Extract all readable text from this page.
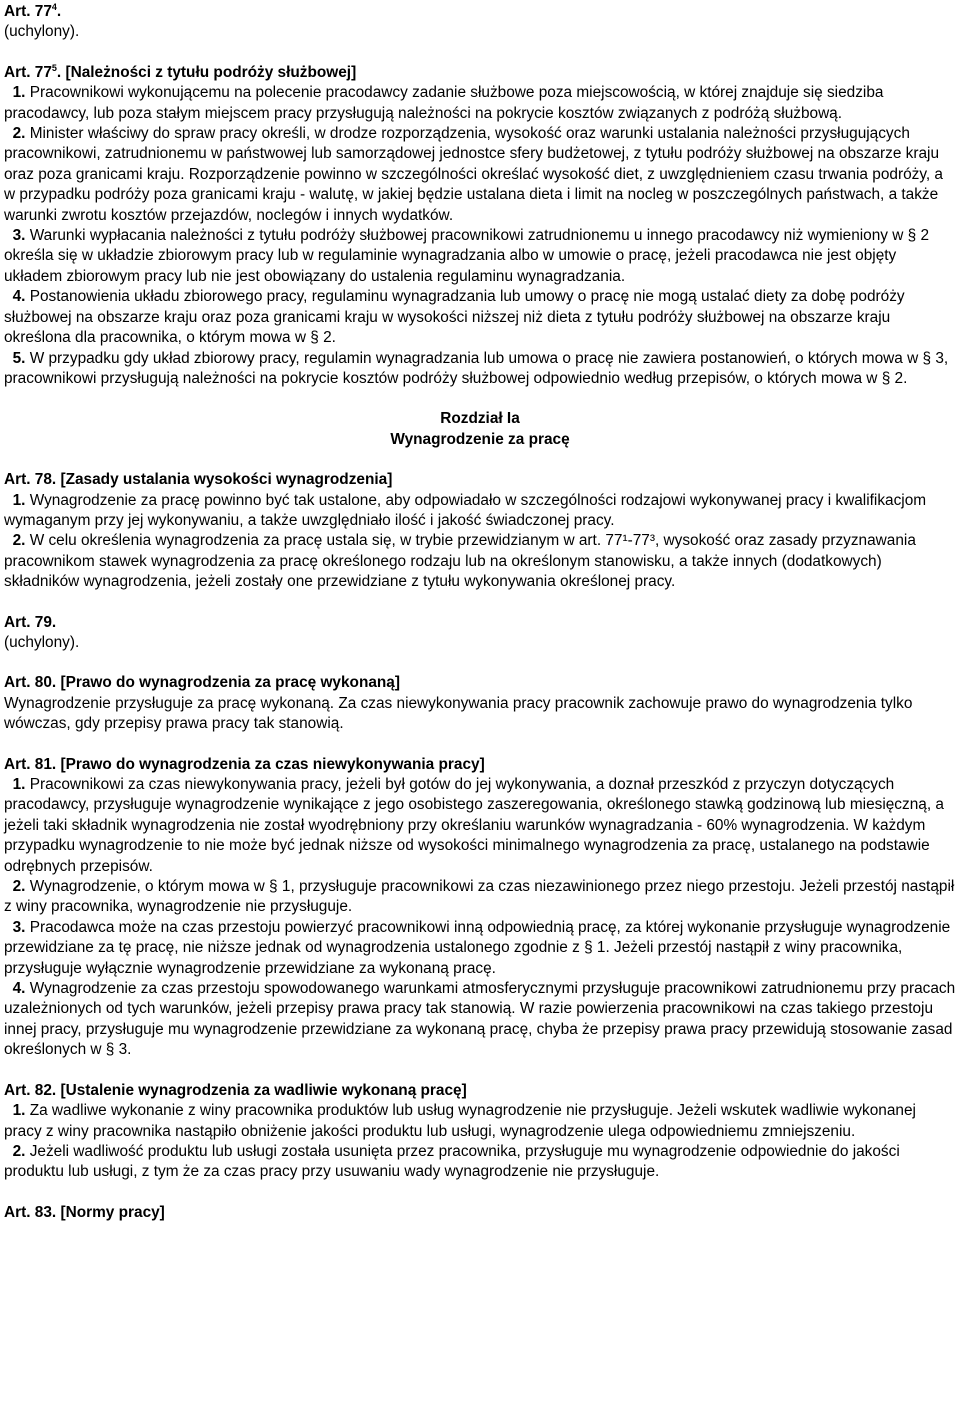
Art. $77^4$.
(uchylony).
Art. $77^5$. [Należności z tytułu podróży służbowej]
1. Pracownikowi wykonującemu na polecenie pracodawcy zadanie służbowe poza miejscowością, w której znajduje się siedziba pracodawcy, lub poza stałym miejscem pracy przysługują należności na pokrycie kosztów związanych z podróżą służbową.
2. Minister właściwy do spraw pracy określi, w drodze rozporządzenia, wysokość oraz warunki ustalania należności przysługujących pracownikowi, zatrudnionemu w państwowej lub samorządowej jednostce sfery budżetowej, z tytułu podróży służbowej na obszarze kraju oraz poza granicami kraju. Rozporządzenie powinno w szczególności określać wysokość diet, z uwzględnieniem czasu trwania podróży, a w przypadku podróży poza granicami kraju - walutę, w jakiej będzie ustalana dieta i limit na nocleg w poszczególnych państwach, a także warunki zwrotu kosztów przejazdów, noclegów i innych wydatków.
3. Warunki wypłacania należności z tytułu podróży służbowej pracownikowi zatrudnionemu u innego pracodawcy niż wymieniony w § 2 określa się w układzie zbiorowym pracy lub w regulaminie wynagradzania albo w umowie o pracę, jeżeli pracodawca nie jest objęty układem zbiorowym pracy lub nie jest obowiązany do ustalenia regulaminu wynagradzania.
4. Postanowienia układu zbiorowego pracy, regulaminu wynagradzania lub umowy o pracę nie mogą ustalać diety za dobę podróży służbowej na obszarze kraju oraz poza granicami kraju w wysokości niższej niż dieta z tytułu podróży służbowej na obszarze kraju określona dla pracownika, o którym mowa w § 2.
5. W przypadku gdy układ zbiorowy pracy, regulamin wynagradzania lub umowa o pracę nie zawiera postanowień, o których mowa w § 3, pracownikowi przysługują należności na pokrycie kosztów podróży służbowej odpowiednio według przepisów, o których mowa w § 2.
Rozdział Ia
Wynagrodzenie za pracę
Art. 78. [Zasady ustalania wysokości wynagrodzenia]
1. Wynagrodzenie za pracę powinno być tak ustalone, aby odpowiadało w szczególności rodzajowi wykonywanej pracy i kwalifikacjom wymaganym przy jej wykonywaniu, a także uwzględniało ilość i jakość świadczonej pracy.
2. W celu określenia wynagrodzenia za pracę ustala się, w trybie przewidzianym w art. 77¹-77³, wysokość oraz zasady przyznawania pracownikom stawek wynagrodzenia za pracę określonego rodzaju lub na określonym stanowisku, a także innych (dodatkowych) składników wynagrodzenia, jeżeli zostały one przewidziane z tytułu wykonywania określonej pracy.
Art. 79.
(uchylony).
Art. 80. [Prawo do wynagrodzenia za pracę wykonaną]
Wynagrodzenie przysługuje za pracę wykonaną. Za czas niewykonywania pracy pracownik zachowuje prawo do wynagrodzenia tylko wówczas, gdy przepisy prawa pracy tak stanowią.
Art. 81. [Prawo do wynagrodzenia za czas niewykonywania pracy]
1. Pracownikowi za czas niewykonywania pracy, jeżeli był gotów do jej wykonywania, a doznał przeszkód z przyczyn dotyczących pracodawcy, przysługuje wynagrodzenie wynikające z jego osobistego zaszeregowania, określonego stawką godzinową lub miesięczną, a jeżeli taki składnik wynagrodzenia nie został wyodrębniony przy określaniu warunków wynagradzania - 60% wynagrodzenia. W każdym przypadku wynagrodzenie to nie może być jednak niższe od wysokości minimalnego wynagrodzenia za pracę, ustalanego na podstawie odrębnych przepisów.
2. Wynagrodzenie, o którym mowa w § 1, przysługuje pracownikowi za czas niezawinionego przez niego przestoju. Jeżeli przestój nastąpił z winy pracownika, wynagrodzenie nie przysługuje.
3. Pracodawca może na czas przestoju powierzyć pracownikowi inną odpowiednią pracę, za której wykonanie przysługuje wynagrodzenie przewidziane za tę pracę, nie niższe jednak od wynagrodzenia ustalonego zgodnie z § 1. Jeżeli przestój nastąpił z winy pracownika, przysługuje wyłącznie wynagrodzenie przewidziane za wykonaną pracę.
4. Wynagrodzenie za czas przestoju spowodowanego warunkami atmosferycznymi przysługuje pracownikowi zatrudnionemu przy pracach uzależnionych od tych warunków, jeżeli przepisy prawa pracy tak stanowią. W razie powierzenia pracownikowi na czas takiego przestoju innej pracy, przysługuje mu wynagrodzenie przewidziane za wykonaną pracę, chyba że przepisy prawa pracy przewidują stosowanie zasad określonych w § 3.
Art. 82. [Ustalenie wynagrodzenia za wadliwie wykonaną pracę]
1. Za wadliwe wykonanie z winy pracownika produktów lub usług wynagrodzenie nie przysługuje. Jeżeli wskutek wadliwie wykonanej pracy z winy pracownika nastąpiło obniżenie jakości produktu lub usługi, wynagrodzenie ulega odpowiedniemu zmniejszeniu.
2. Jeżeli wadliwość produktu lub usługi została usunięta przez pracownika, przysługuje mu wynagrodzenie odpowiednie do jakości produktu lub usługi, z tym że za czas pracy przy usuwaniu wady wynagrodzenie nie przysługuje.
Art. 83. [Normy pracy]
